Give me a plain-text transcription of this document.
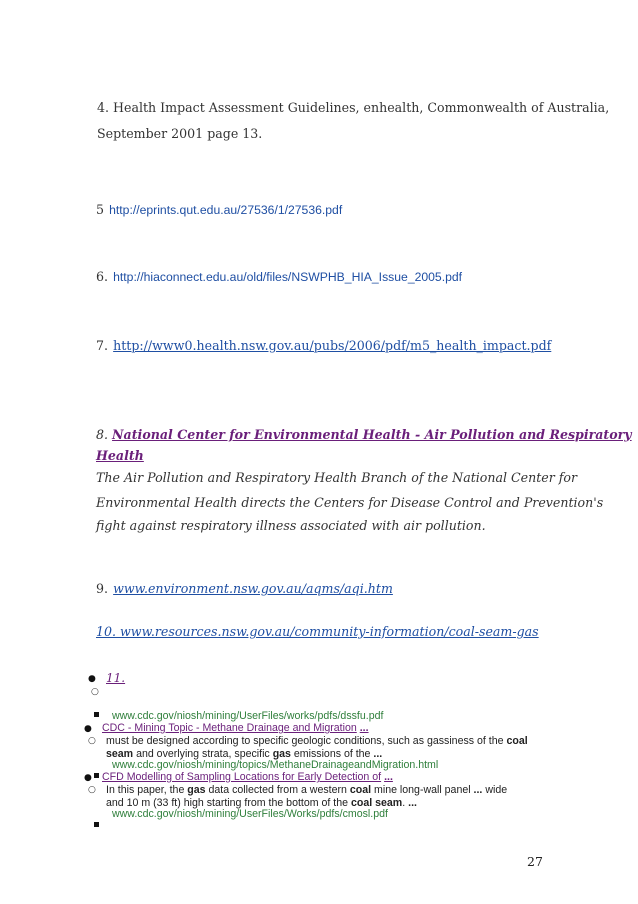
4. Health Impact Assessment Guidelines, enhealth, Commonwealth of Australia,
September 2001 page 13.
5 http://eprints.qut.edu.au/27536/1/27536.pdf
6. http://hiaconnect.edu.au/old/files/NSWPHB_HIA_Issue_2005.pdf
7. http://www0.health.nsw.gov.au/pubs/2006/pdf/m5_health_impact.pdf
8. National Center for Environmental Health - Air Pollution and Respiratory
Health
The Air Pollution and Respiratory Health Branch of the National Center for
Environmental Health directs the Centers for Disease Control and Prevention's
fight against respiratory illness associated with air pollution.
9. www.environment.nsw.gov.au/aqms/aqi.htm
10. www.resources.nsw.gov.au/community-information/coal-seam-gas
● 11.
○
www.cdc.gov/niosh/mining/UserFiles/works/pdfs/dssfu.pdf
● CDC - Mining Topic - Methane Drainage and Migration ...
○ must be designed according to specific geologic conditions, such as gassiness of the coal
seam and overlying strata, specific gas emissions of the ...
www.cdc.gov/niosh/mining/topics/MethaneDrainageandMigration.html
● CFD Modelling of Sampling Locations for Early Detection of ...
○ In this paper, the gas data collected from a western coal mine long-wall panel ... wide
and 10 m (33 ft) high starting from the bottom of the coal seam. ...
www.cdc.gov/niosh/mining/UserFiles/Works/pdfs/cmosl.pdf
27
